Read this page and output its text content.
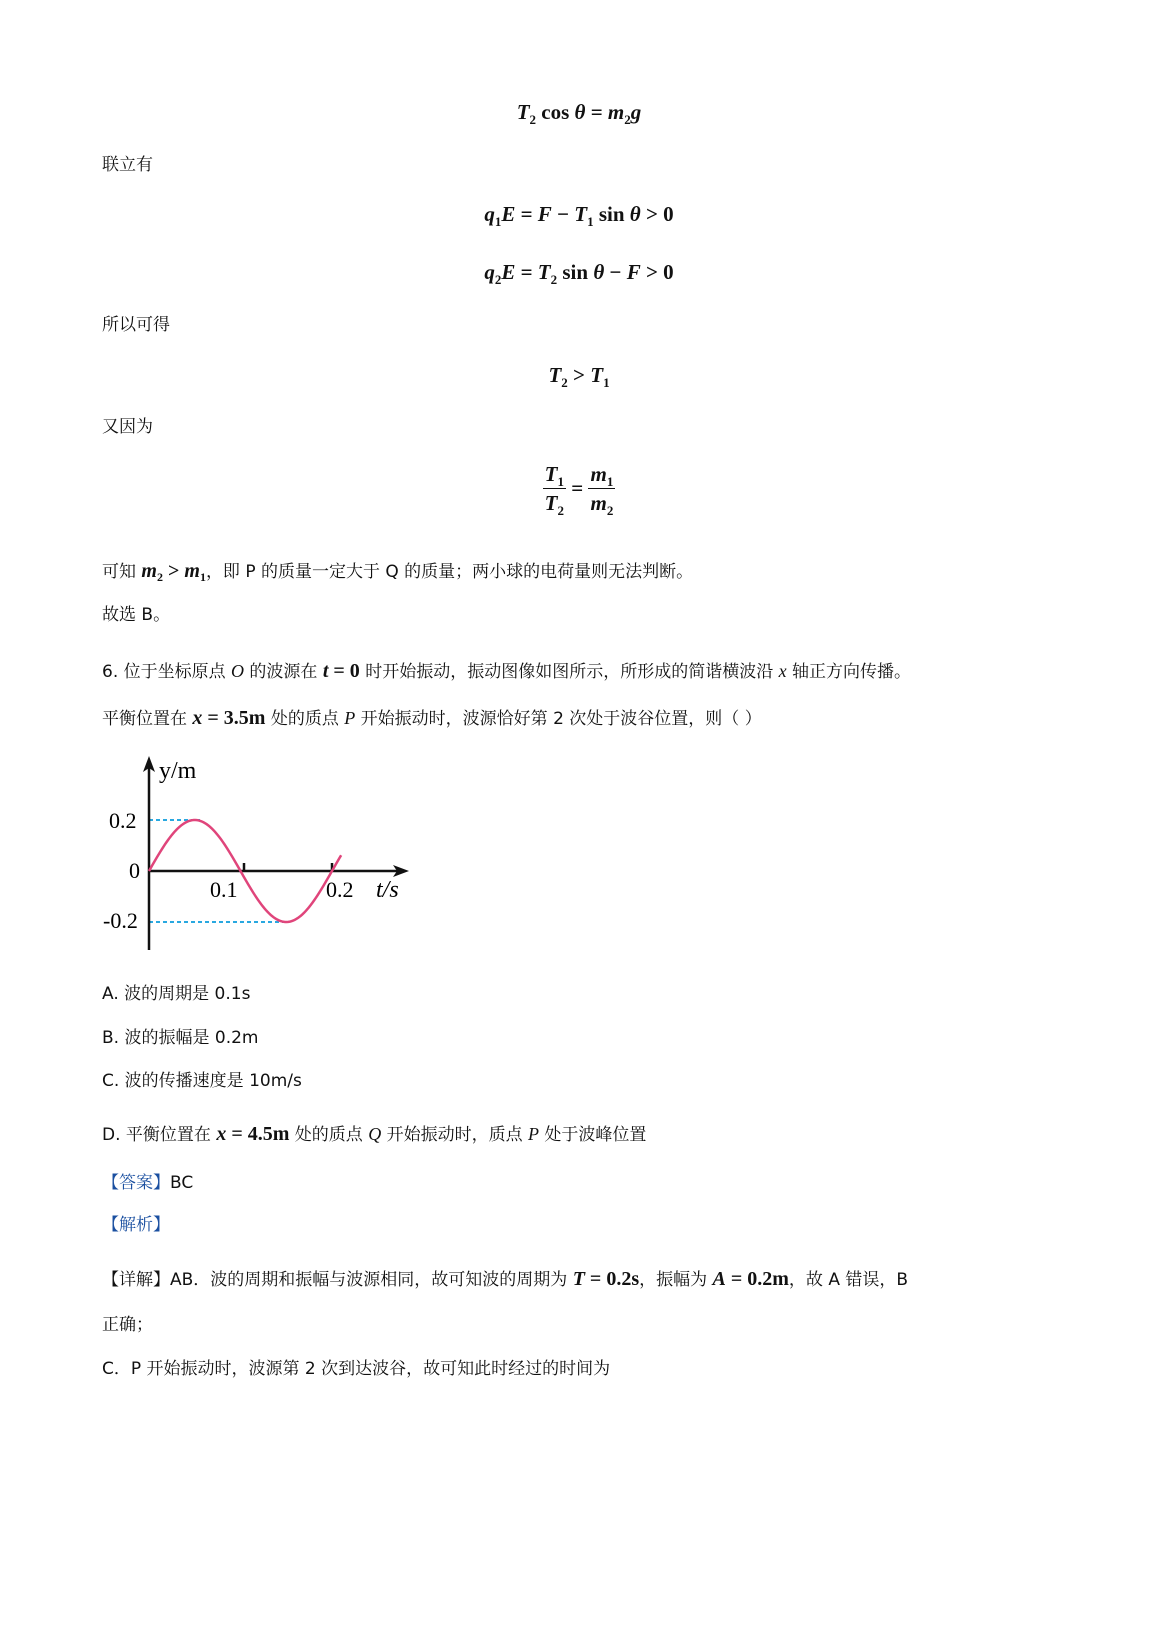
$T_2$ $\cos \theta = m_2g$
联立有
$q_1E = F - T_1$ sin θ > 0
$q_2E = T_2$ sin θ − F > 0
所以可得
$T_2 > T_1$
又因为
$\frac{T_1}{T_2} = \frac{m_1}{m_2}$
可知 $m_2 > m_1$，即 P 的质量一定大于 Q 的质量；两小球的电荷量则无法判断。
故选 B。
6. 位于坐标原点 O 的波源在 t = 0 时开始振动，振动图像如图所示，所形成的简谐横波沿 x 轴正方向传播。
平衡位置在 x = 3.5m 处的质点 P 开始振动时，波源恰好第 2 次处于波谷位置，则（ ）
y/m
0.2
0
-0.2
0.1	0.2 t/s
A. 波的周期是 0.1s
B. 波的振幅是 0.2m
C. 波的传播速度是 10m/s
D. 平衡位置在 x = 4.5m 处的质点 Q 开始振动时，质点 P 处于波峰位置
【答案】BC
【解析】
【详解】AB．波的周期和振幅与波源相同，故可知波的周期为 T = 0.2s，振幅为 A = 0.2m，故 A 错误，B
正确；
C．P 开始振动时，波源第 2 次到达波谷，故可知此时经过的时间为
